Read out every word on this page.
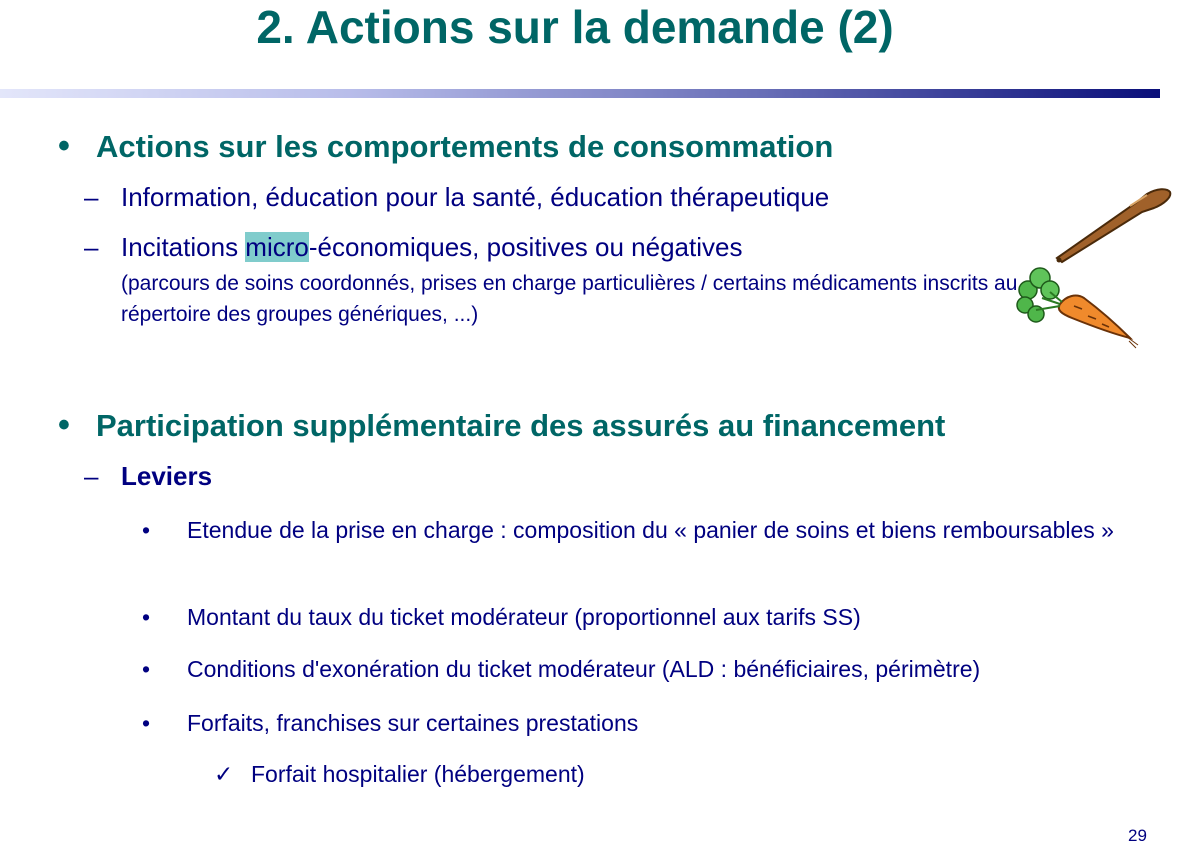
2. Actions sur la demande (2)
• Actions sur les comportements de consommation
– Information, éducation pour la santé, éducation thérapeutique
– Incitations micro-économiques, positives ou négatives
(parcours de soins coordonnés, prises en charge particulières / certains médicaments inscrits au répertoire des groupes génériques, ...)
• Participation supplémentaire des assurés au financement
– Leviers
• Etendue de la prise en charge : composition du « panier de soins et biens remboursables »
• Montant du taux du ticket modérateur (proportionnel aux tarifs SS)
• Conditions d'exonération du ticket modérateur (ALD : bénéficiaires, périmètre)
• Forfaits, franchises sur certaines prestations
✓ Forfait hospitalier (hébergement)
29
